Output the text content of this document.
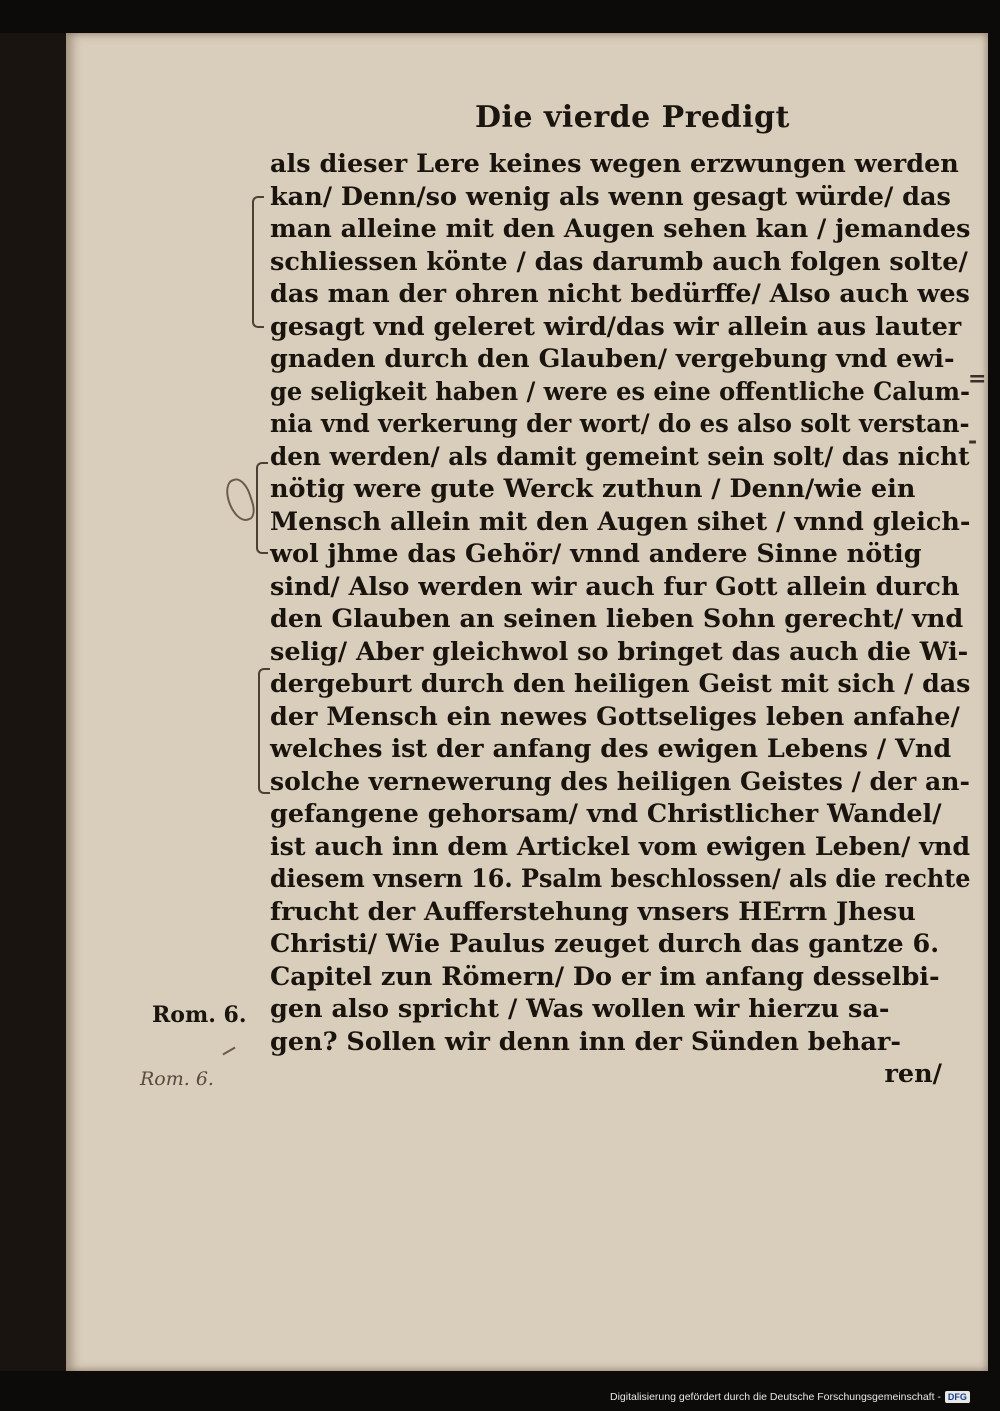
Die vierde Predigt
=
-
als dieser Lere keines wegen erzwungen werden
kan/ Denn/so wenig als wenn gesagt würde/ das
man alleine mit den Augen sehen kan / jemandes
schliessen könte / das darumb auch folgen solte/
das man der ohren nicht bedürffe/ Also auch wes
gesagt vnd geleret wird/das wir allein aus lauter
gnaden durch den Glauben/ vergebung vnd ewi-
ge seligkeit haben / were es eine offentliche Calum-
nia vnd verkerung der wort/ do es also solt verstan-
den werden/ als damit gemeint sein solt/ das nicht
nötig were gute Werck zuthun / Denn/wie ein
Mensch allein mit den Augen sihet / vnnd gleich-
wol jhme das Gehör/ vnnd andere Sinne nötig
sind/ Also werden wir auch fur Gott allein durch
den Glauben an seinen lieben Sohn gerecht/ vnd
selig/ Aber gleichwol so bringet das auch die Wi-
dergeburt durch den heiligen Geist mit sich / das
der Mensch ein newes Gottseliges leben anfahe/
welches ist der anfang des ewigen Lebens / Vnd
solche vernewerung des heiligen Geistes / der an-
gefangene gehorsam/ vnd Christlicher Wandel/
ist auch inn dem Artickel vom ewigen Leben/ vnd
diesem vnsern 16. Psalm beschlossen/ als die rechte
frucht der Aufferstehung vnsers HErrn Jhesu
Christi/ Wie Paulus zeuget durch das gantze 6.
Capitel zun Römern/ Do er im anfang desselbi-
gen also spricht / Was wollen wir hierzu sa-
gen? Sollen wir denn inn der Sünden behar-
ren/
Rom. 6.
Rom. 6.
Digitalisierung gefördert durch die Deutsche Forschungsgemeinschaft - DFG
